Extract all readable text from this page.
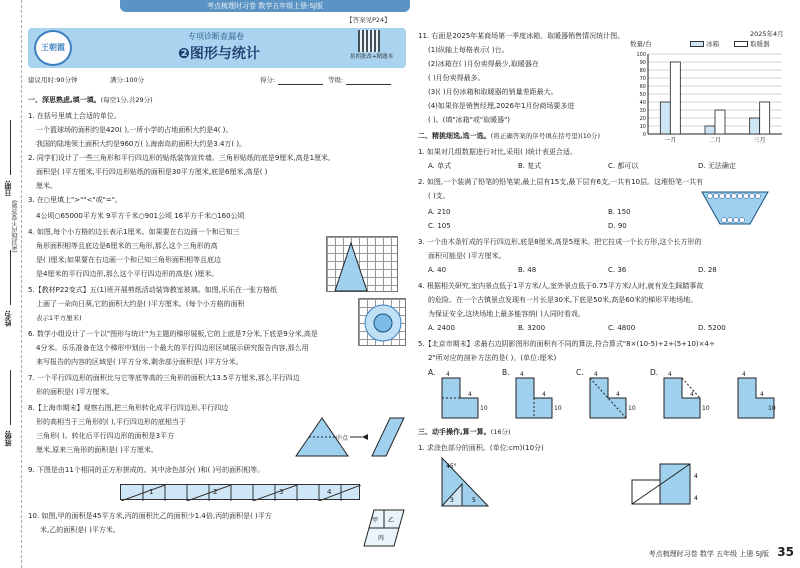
考点梳理时习卷 数学五年级上册·SJ版
日期:
(密封线内不要答题)
姓名:
班级:
王朝霞
专项诊断查漏卷
❷图形与统计
【答案见P24】
拍照批改+精题本
建议用时:90分钟	满分:100分	得分:	等级:
一、深思熟虑,填一填。(每空1分,共29分)
1. 在括号里填上合适的单位。
一个篮球场的面积约是420( ),一所小学的占地面积大约是4( )。
我国的陆地领土面积大约是960万( ),海南岛的面积大约是3.4万( )。
2. 同学们设计了一些三角形和平行四边形的贴纸装饰宣传墙。三角形贴纸的底是9厘米,高是1厘米,
面积是( )平方厘米,平行四边形贴纸的面积是30平方厘米,底是6厘米,高是( )
厘米。
3. 在○里填上">""<"或"="。
4公顷○65000平方米 9平方千米○901公顷 16平方千米○160公顷
4. 如图,每个小方格的边长表示1厘米。如果要在右边画一个和已知三
角形面积相等且底边是6厘米的三角形,那么这个三角形的高
是( )厘米;如果要在右边画一个和已知三角形面积相等且底边
是4厘米的平行四边形,那么这个平行四边形的高是( )厘米。
5.【教材P22变式】五(1)班开展剪纸活动装饰教室玻璃。如图,乐乐在一张方格纸
上画了一朵向日葵,它的面积大约是( )平方厘米。(每个小方格的面积
表示1平方厘米)
6. 数学小组设计了一个以"图形与统计"为主题的梯形展板,它的上底是7分米,下底是9分米,高是
4分米。乐乐准备在这个梯形中划出一个最大的平行四边形区域展示研究报告内容,那么用
来写报告的内容的区域是( )平方分米,剩余部分面积是( )平方分米。
7. 一个平行四边形的面积比与它等底等高的三角形的面积大13.5平方厘米,那么平行四边
形的面积是( )平方厘米。
8.【上海市期末】观察右图,把三角形转化成平行四边形,平行四边
形的高相当于三角形的( ),平行四边形的底相当于
三角形( )。转化后平行四边形的面积是3平方
厘米,原来三角形的面积是( )平方厘米。
中点
9. 下图是由11个相同的正方形拼成的。其中涂色部分( )和( )号的面积相等。
1	2	3	4
10. 如图,甲的面积是45平方米,丙的面积比乙的面积少1.4倍,丙的面积是( )平方
米,乙的面积是( )平方米。
甲 乙
丙
11. 右面是2025年某商场第一季度冰箱、取暖器销售情况统计图。
(1)纵轴上每格表示( )台。
(2)冰箱在( )月份卖得最少,取暖器在
( )月份卖得最多。
(3)( )月份冰箱和取暖器的销量差距最大。
(4)如果你是销售经理,2026年1月份商场要多进
( )。(填"冰箱"或"取暖器")
2025年4月
数量/台	冰箱	取暖器
0
10
20
30
40
50
60
70
80
90
100
一月	二月	三月
二、精挑细选,选一选。(将正确答案的序号填在括号里)(10分)
1. 如果对几组数据进行对比,采用( )统计表更合适。
A. 单式	B. 复式	C. 都可以	D. 无法确定
2. 如图,一个装满了铅笔的铅笔架,最上层有15支,最下层有6支,一共有10层。这堆铅笔一共有
( )支。
A. 210	B. 150
C. 105	D. 90
3. 一个由木条钉成的平行四边形,底是8厘米,高是5厘米。把它拉成一个长方形,这个长方形的
面积可能是( )平方厘米。
A. 40	B. 48	C. 36	D. 28
4. 根据相关研究,室内景点低于1平方米/人,室外景点低于0.75平方米/人时,就有发生踩踏事故
的危险。在一个古镇景点发现有一片长是30米,下底是50米,高是60米的梯形平地场地。
为保证安全,这块场地上最多能容纳( )人同时看戏。
A. 2400	B. 3200	C. 4800	D. 5200
5.【北京市期末】求最右边阴影图形的面积有不同的算法,符合算式"8×(10-5)÷2+(5+10)×4÷
2"所对应的剖补方法的是( )。(单位:厘米)
A.	B.	C.	D.
4
4
10
4
4
10
4
4
10
4
4
10
4
4
10
三、动手操作,算一算。(16分)
1. 求涂色部分的面积。(单位:cm)(10分)
45°
3	5
4
4
考点梳理时习卷 数学 五年级 上册 SJ版 35
